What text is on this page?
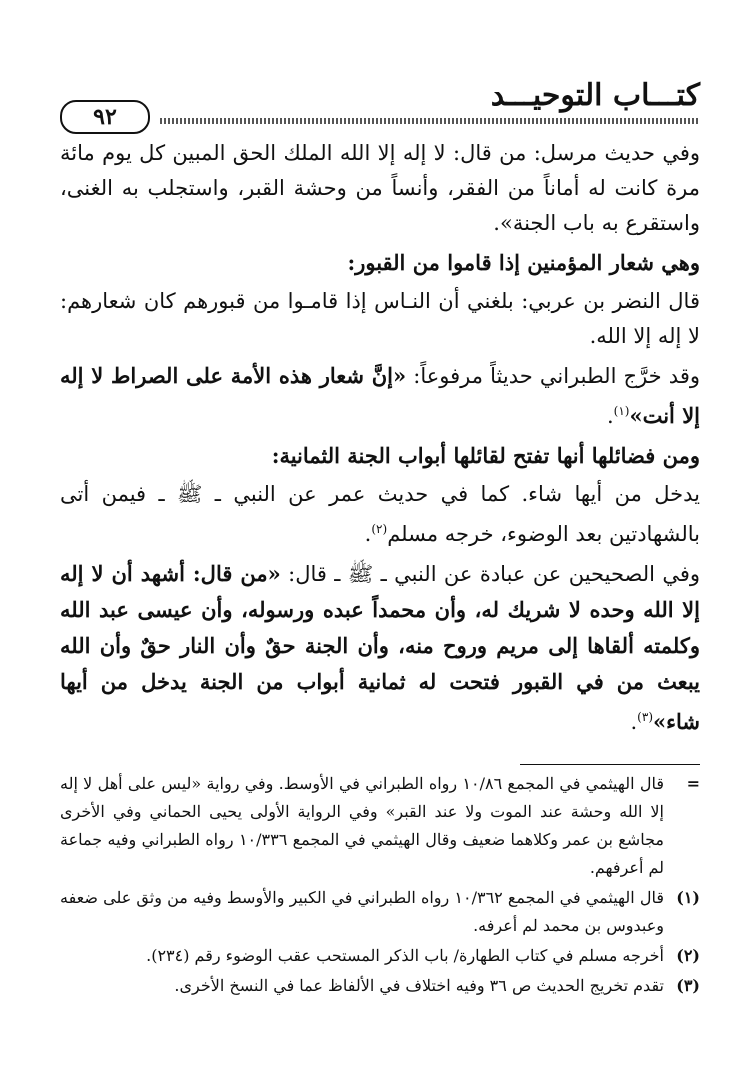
كتـــاب التوحيـــد
٩٢

وفي حديث مرسل: من قال: لا إله إلا الله الملك الحق المبين كل يوم مائة مرة كانت له أماناً من الفقر، وأنساً من وحشة القبر، واستجلب به الغنى، واستقرع به باب الجنة».

وهي شعار المؤمنين إذا قاموا من القبور:

قال النضر بن عربي: بلغني أن النـاس إذا قامـوا من قبورهم كان شعارهم: لا إله إلا الله.

وقد خرَّج الطبراني حديثاً مرفوعاً: «إنَّ شعار هذه الأمة على الصراط لا إله إلا أنت»$^{(١)}$.

ومن فضائلها أنها تفتح لقائلها أبواب الجنة الثمانية:

يدخل من أيها شاء. كما في حديث عمر عن النبي ـ ﷺ ـ فيمن أتى بالشهادتين بعد الوضوء، خرجه مسلم$^{(٢)}$.

وفي الصحيحين عن عبادة عن النبي ـ ﷺ ـ قال: «من قال: أشهد أن لا إله إلا الله وحده لا شريك له، وأن محمداً عبده ورسوله، وأن عيسى عبد الله وكلمته ألقاها إلى مريم وروح منه، وأن الجنة حقٌ وأن النار حقٌ وأن الله يبعث من في القبور فتحت له ثمانية أبواب من الجنة يدخل من أيها شاء»$^{(٣)}$.

=
قال الهيثمي في المجمع ١٠/٨٦ رواه الطبراني في الأوسط. وفي رواية «ليس على أهل لا إله إلا الله وحشة عند الموت ولا عند القبر» وفي الرواية الأولى يحيى الحماني وفي الأخرى مجاشع بن عمر وكلاهما ضعيف وقال الهيثمي في المجمع ١٠/٣٣٦ رواه الطبراني وفيه جماعة لم أعرفهم.
(١)
قال الهيثمي في المجمع ١٠/٣٦٢ رواه الطبراني في الكبير والأوسط وفيه من وثق على ضعفه وعبدوس بن محمد لم أعرفه.
(٢)
أخرجه مسلم في كتاب الطهارة/ باب الذكر المستحب عقب الوضوء رقم (٢٣٤).
(٣)
تقدم تخريج الحديث ص ٣٦ وفيه اختلاف في الألفاظ عما في النسخ الأخرى.
